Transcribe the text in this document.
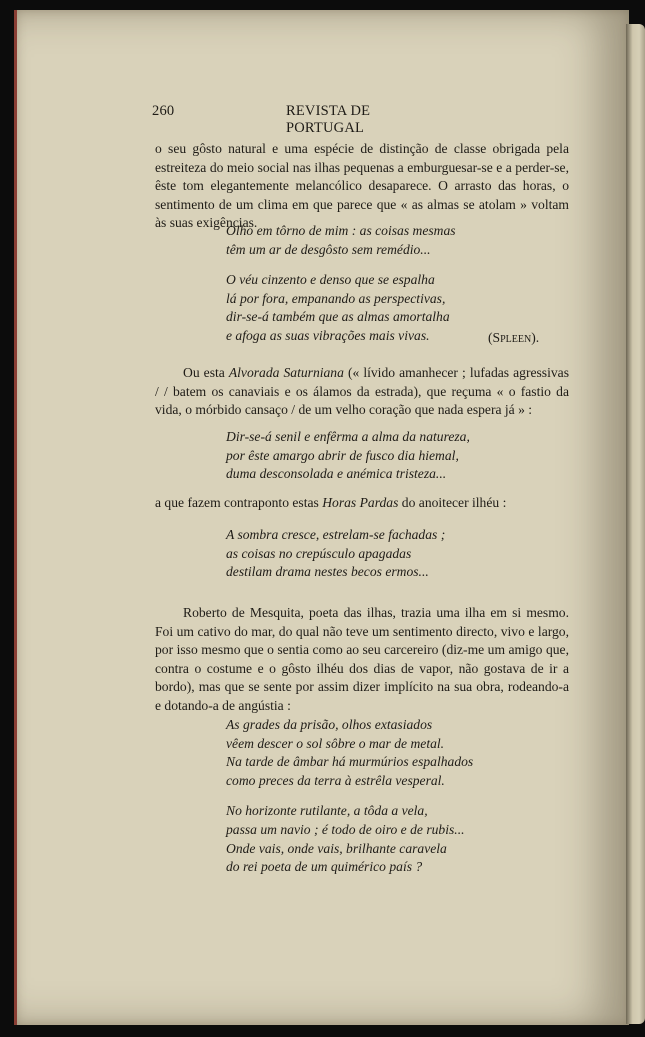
260	REVISTA DE PORTUGAL
o seu gôsto natural e uma espécie de distinção de classe obrigada pela estreiteza do meio social nas ilhas pequenas a emburguesar-se e a perder-se, êste tom elegantemente melancólico desaparece. O arrasto das horas, o sentimento de um clima em que parece que « as almas se atolam » voltam às suas exigências.

Olho em tôrno de mim : as coisas mesmas

têm um ar de desgôsto sem remédio...

O véu cinzento e denso que se espalha

lá por fora, empanando as perspectivas,

dir-se-á também que as almas amortalha

e afoga as suas vibrações mais vivas.	(Spleen).
Ou esta Alvorada Saturniana (« lívido amanhecer ; lufadas agressivas / / batem os canaviais e os álamos da estrada), que reçuma « o fastio da vida, o mórbido cansaço / de um velho coração que nada espera já » :

Dir-se-á senil e enfêrma a alma da natureza,

por êste amargo abrir de fusco dia hiemal,

duma desconsolada e anémica tristeza...

a que fazem contraponto estas Horas Pardas do anoitecer ilhéu :

A sombra cresce, estrelam-se fachadas ;

as coisas no crepúsculo apagadas

destilam drama nestes becos ermos...

Roberto de Mesquita, poeta das ilhas, trazia uma ilha em si mesmo. Foi um cativo do mar, do qual não teve um sentimento directo, vivo e largo, por isso mesmo que o sentia como ao seu carcereiro (diz-me um amigo que, contra o costume e o gôsto ilhéu dos dias de vapor, não gostava de ir a bordo), mas que se sente por assim dizer implícito na sua obra, rodeando-a e dotando-a de angústia :

As grades da prisão, olhos extasiados

vêem descer o sol sôbre o mar de metal.

Na tarde de âmbar há murmúrios espalhados

como preces da terra à estrêla vesperal.

No horizonte rutilante, a tôda a vela,

passa um navio ; é todo de oiro e de rubis...

Onde vais, onde vais, brilhante caravela

do rei poeta de um quimérico país ?
